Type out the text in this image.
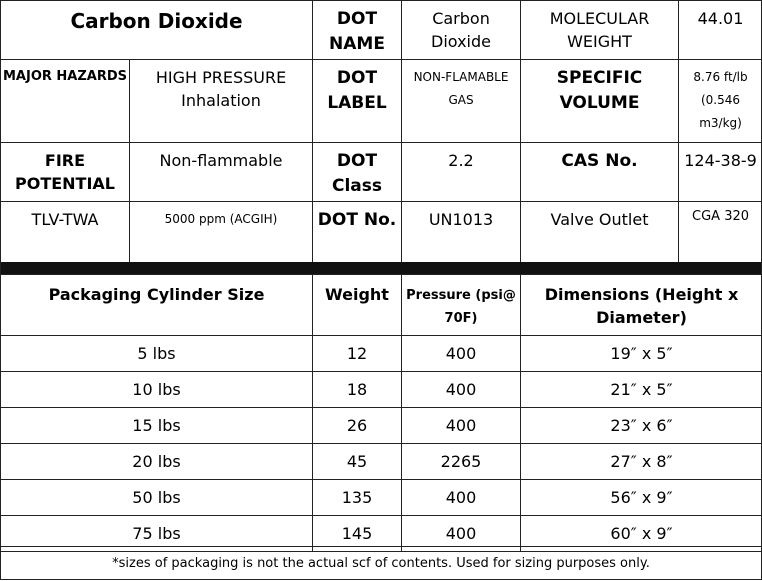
Carbon Dioxide		DOT NAME	Carbon Dioxide	MOLECULAR WEIGHT	44.01

MAJOR HAZARDS	HIGH PRESSURE Inhalation	DOT LABEL	NON-FLAMABLE GAS	SPECIFIC VOLUME	8.76 ft/lb (0.546 m3/kg)

FIRE POTENTIAL	Non-flammable	DOT Class	2.2	CAS No.	124-38-9

TLV-TWA	5000 ppm (ACGIH)	DOT No.	UN1013	Valve Outlet	CGA 320
Packaging Cylinder Size	Weight	Pressure (psi@ 70F)	Dimensions (Height x Diameter)

5 lbs	12	400	19″ x 5″
10 lbs	18	400	21″ x 5″
15 lbs	26	400	23″ x 6″
20 lbs	45	2265	27″ x 8″
50 lbs	135	400	56″ x 9″
75 lbs	145	400	60″ x 9″
*sizes of packaging is not the actual scf of contents. Used for sizing purposes only.
